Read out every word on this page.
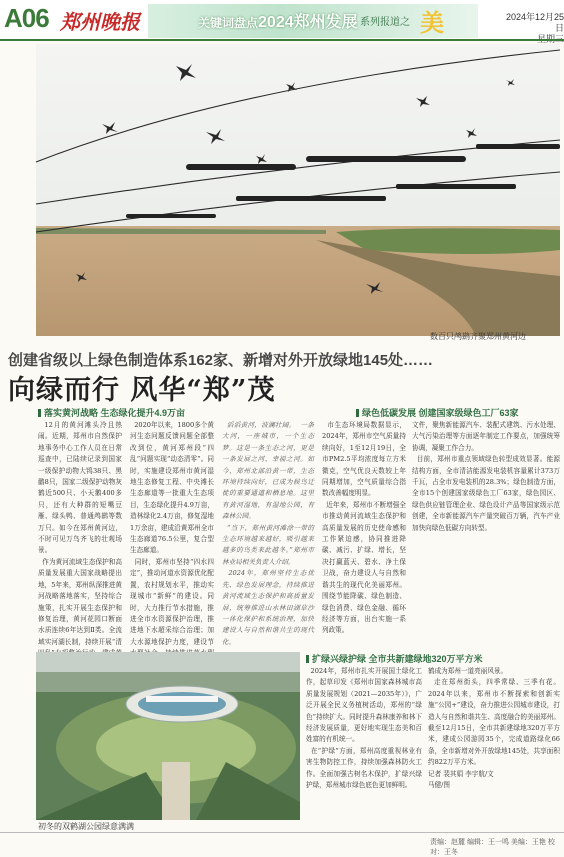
A06 郑州晚报	关键词盘点2024郑州发展 系列报道之 美	2024年12月25日
数百只鸬鹚齐聚郑州黄河边
创建省级以上绿色制造体系162家、新增对外开放绿地145处……
向绿而行 风华“郑”茂
落实黄河战略 生态绿化提升4.9万亩	绿色低碳发展 创建国家级绿色工厂63家
12月的黄河滩头冷且热闹。近期，郑州市自然保护地事务中心工作人员在日常巡查中，已陆续记录到国家一级保护动物大鸨38只、黑鹳8只，国家二级保护动物灰鹤近500只、小天鹅400多只，还有大种群的短嘴豆雁、绿头鸭、普通鸬鹚等数万只。如今在郑州黄河边，不时可见万鸟齐飞的壮观场景。
作为黄河流域生态保护和高质量发展重大国家战略提出地，5年来，郑州纵深推进黄河战略落地落实，坚持综合施策，扎实开展生态保护和修复治理，黄河花园口断面水质连续6年达到Ⅱ类。全流域实河湖长制，持续开展“清
2020年以来，1800多个黄河生态问题反馈问题全部整改到位，黄河郑州段“四乱”问题实现“动态清零”。同时，实施建设郑州市黄河湿地生态修复工程、中央滩长生态廊道等一批重大生态项目，生态绿化提升4.9万亩，造林绿化2.4万亩，修复湿地1万余亩，建成沿黄郑州全市生态廊道76.5公里，复合型生态廊道。
同时，郑州市坚持“四水四定”，推动河道水资源优化配置，农村规划水平，推动实现城市“新鲜”的建设。同时，大力推行节水措施，推进全市水资源保护治理，推进地下水超采综合治理；加大水源地保护力度，建设节
滔滔黄河，波澜壮阔。  一条大河，一座城市，一个生态梦。这是一条生态之河，更是一条发展之河、幸福之河。如今，郑州北部沿黄一带，生态环境持续向好，已成为候鸟迁徙的重要通道和栖息地。这里有黄河湿地，有湿地公园，有森林公园。
“当下，郑州黄河滩涂一带的生态环境越来越好，吸引越来越多的鸟类来此越冬。”郑州市林业局相关负责人介绍。
2024年，郑州坚持生态优先、绿色发展理念，持续推进黄河流域生态保护和高质量发展，统筹推进山水林田湖草沙一体化保护和系统治理，加快建设人与自然和谐共生的现代化。
市生态环境局数据显示，2024年，郑州市空气质量持续向好，1至12月19日，全市PM2.5平均浓度每立方米微克，空气优良天数较上年同期增加，空气质量综合指数改善幅度明显。
近年来，郑州市不断增强全市推动黄河流域生态保护和高质量发展的历史使命感和工作紧迫感，协同推进降碳、减污、扩绿、增长，坚决打赢蓝天、碧水、净土保卫战，奋力建设人与自然和谐共生的现代化美丽郑州。围绕节能降碳、绿色制造、绿色消费、绿色金融、循环经济等方面，出台实施一系列政策。
文件，聚焦新能源汽车、装配式建筑、污水处理、大气污染治理等方面逐年制定工作要点，加强统筹协调，凝聚工作合力。
目前，郑州市重点领域绿色转型成效显著。能源结构方面，全市清洁能源发电装机容量累计373万千瓦，占全市发电装机的28.3%；绿色制造方面，全市15个创建国家级绿色工厂63家，绿色园区、绿色供应链管理企业、绿色设计产品等国家级示范创建，全市新能源汽车产量突破百万辆，汽车产业加快向绿色低碳方向转型。
扩绿兴绿护绿 全市共新建绿地320万平方米
2024年，郑州市扎实开展国土绿化工作，起草印发《郑州市国家森林城市高质量发展规划（2021—2035年）》，广泛开展全民义务植树活动，郑州的“绿色”持续扩大。同时提升森林康养和林下经济发展质量，更好地实现生态美和百姓富的有机统一。
在“护绿”方面，郑州高度重视林业有害生物防控工作，持续加强森林防火工作。全面加强古树名木保护，扩绿兴绿护绿，郑州城市绿色底色更加鲜明。
鹤成为郑州一道亮丽风景。
走在郑州街头，四季常绿、三季有花。2024年以来，郑州市不断探索和创新实施“公园+”建设，奋力推进公园城市建设，打造人与自然和谐共生、高度融合的美丽郑州。截至12月15日，全市共新建绿地320万平方米，建成公园游园35个，完成道路绿化66条，全市新增对外开放绿地145处，共享面积约822万平方米。
记者 裴其娟 李宇航/文
马健/图
初冬的双鹤湖公园绿意满满
责编：赵麓 编辑：王一鸣 美编：王艳 校对：王冬
